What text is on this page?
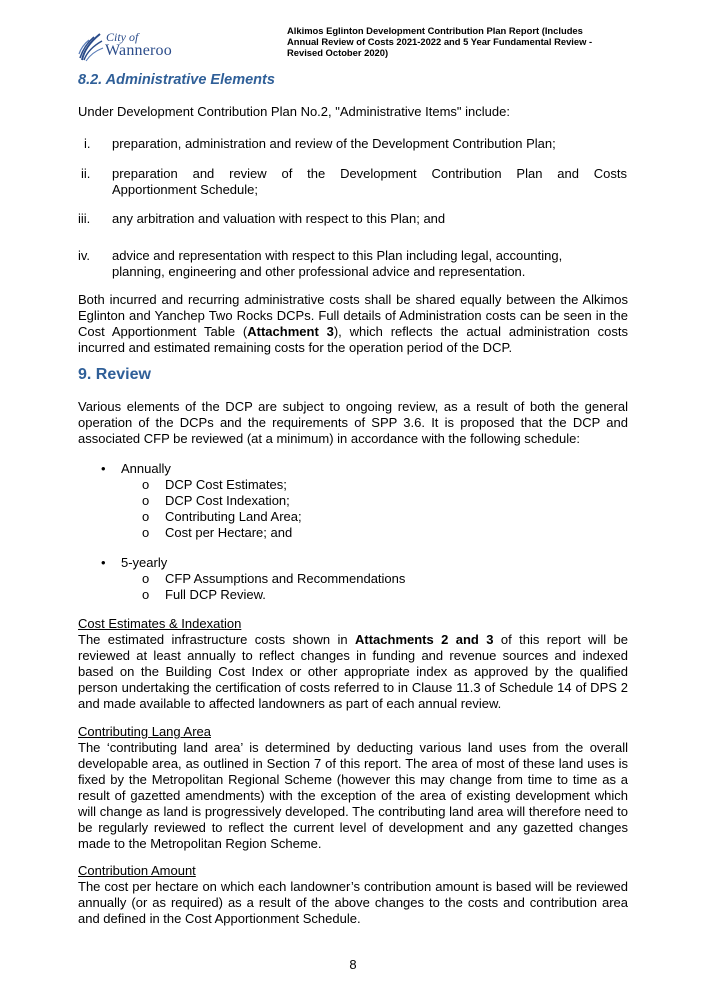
City of
Wanneroo
Alkimos Eglinton Development Contribution Plan Report (Includes
Annual Review of Costs 2021-2022 and 5 Year Fundamental Review -
Revised October 2020)
8.2. Administrative Elements
Under Development Contribution Plan No.2, "Administrative Items" include:
i. preparation, administration and review of the Development Contribution Plan;
ii. preparation and review of the Development Contribution Plan and Costs
Apportionment Schedule;
iii. any arbitration and valuation with respect to this Plan; and
iv. advice and representation with respect to this Plan including legal, accounting,
planning, engineering and other professional advice and representation.
Both incurred and recurring administrative costs shall be shared equally between the Alkimos Eglinton and Yanchep Two Rocks DCPs. Full details of Administration costs can be seen in the Cost Apportionment Table (Attachment 3), which reflects the actual administration costs incurred and estimated remaining costs for the operation period of the DCP.
9. Review
Various elements of the DCP are subject to ongoing review, as a result of both the general operation of the DCPs and the requirements of SPP 3.6. It is proposed that the DCP and associated CFP be reviewed (at a minimum) in accordance with the following schedule:
• Annually
o DCP Cost Estimates;
o DCP Cost Indexation;
o Contributing Land Area;
o Cost per Hectare; and
• 5-yearly
o CFP Assumptions and Recommendations
o Full DCP Review.
Cost Estimates & Indexation
The estimated infrastructure costs shown in Attachments 2 and 3 of this report will be reviewed at least annually to reflect changes in funding and revenue sources and indexed based on the Building Cost Index or other appropriate index as approved by the qualified person undertaking the certification of costs referred to in Clause 11.3 of Schedule 14 of DPS 2 and made available to affected landowners as part of each annual review.
Contributing Lang Area
The ‘contributing land area’ is determined by deducting various land uses from the overall developable area, as outlined in Section 7 of this report. The area of most of these land uses is fixed by the Metropolitan Regional Scheme (however this may change from time to time as a result of gazetted amendments) with the exception of the area of existing development which will change as land is progressively developed. The contributing land area will therefore need to be regularly reviewed to reflect the current level of development and any gazetted changes made to the Metropolitan Region Scheme.
Contribution Amount
The cost per hectare on which each landowner’s contribution amount is based will be reviewed annually (or as required) as a result of the above changes to the costs and contribution area and defined in the Cost Apportionment Schedule.
8
